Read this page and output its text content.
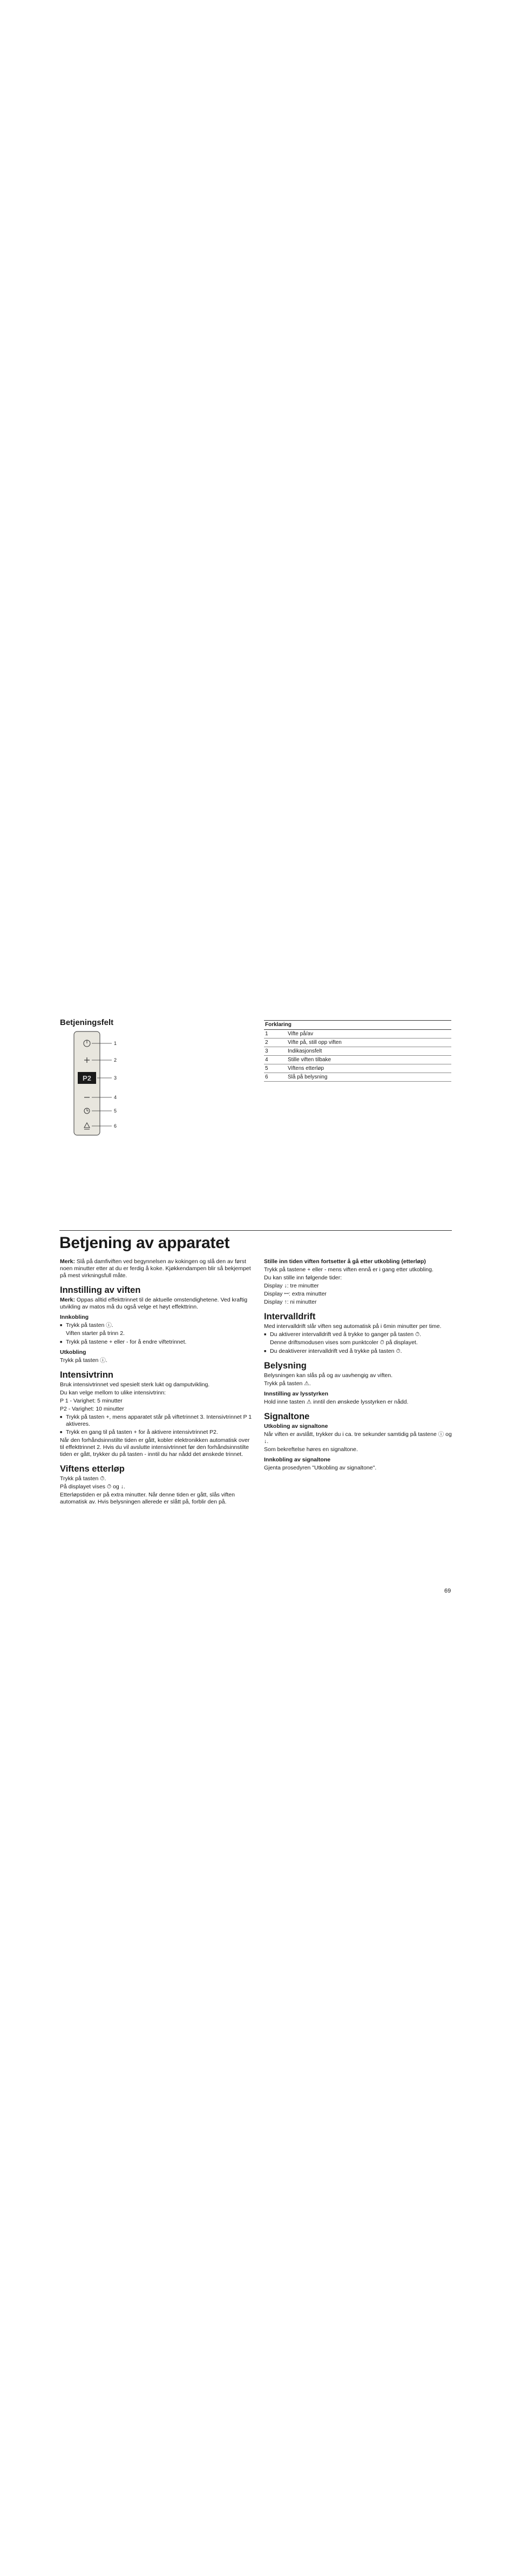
Betjeningsfelt
P2
1
2
3
4
5
6
Forklaring	
1	Vifte på/av
2	Vifte på, still opp viften
3	Indikasjonsfelt
4	Stille viften tilbake
5	Viftens etterløp
6	Slå på belysning
Betjening av apparatet

Merk: Slå på damfiviften ved begynnelsen av kokingen og slå den av først noen minutter etter at du er ferdig å koke. Kjøkkendampen blir så bekjempet på mest virkningsfull måte.

Innstilling av viften

Merk: Oppas alltid effekttrinnet til de aktuelle omstendighetene. Ved kraftig utvikling av matos må du også velge et høyt effekttrinn.

Innkobling
■ Trykk på tasten ⓘ.
Viften starter på trinn 2.
■ Trykk på tastene + eller - for å endre viftetrinnet.
Utkobling

Trykk på tasten ⓘ.

Intensivtrinn

Bruk intensivtrinnet ved spesielt sterk lukt og damputvikling.

Du kan velge mellom to ulike intensivtrinn:

P 1 - Varighet: 5 minutter

P2 - Varighet: 10 minutter

■ Trykk på tasten +, mens apparatet står på viftetrinnet 3. Intensivtrinnet P 1 aktiveres.
■ Trykk en gang til på tasten + for å aktivere intensivtrinnet P2.

Når den forhåndsinnstilte tiden er gått, kobler elektronikken automatisk over til effekttrinnet 2. Hvis du vil avslutte intensivtrinnet før den forhåndsinnstilte tiden er gått, trykker du på tasten - inntil du har nådd det ønskede trinnet.

Viftens etterløp

Trykk på tasten ⏱.

På displayet vises ⏱ og ↓.

Etterløpstiden er på extra minutter. Når denne tiden er gått, slås viften automatisk av. Hvis belysningen allerede er slått på, forblir den på.

Stille inn tiden viften fortsetter å gå etter utkobling (etterløp)

Trykk på tastene + eller - mens viften ennå er i gang etter utkobling.

Du kan stille inn følgende tider:

Display ↓: tre minutter

Display ꟷ: extra minutter

Display ↑: ni minutter

Intervalldrift

Med intervalldrift slår viften seg automatisk på i 6min minutter per time.

■ Du aktiverer intervalldrift ved å trykke to ganger på tasten ⏱.
Denne driftsmodusen vises som punktcoler ⏱ på displayet.
■ Du deaktiverer intervalldrift ved å trykke på tasten ⏱.
Belysning

Belysningen kan slås på og av uavhengig av viften.

Trykk på tasten ⚠.

Innstilling av lysstyrken

Hold inne tasten ⚠ inntil den ønskede lysstyrken er nådd.

Signaltone
Utkobling av signaltone

Når viften er avslått, trykker du i ca. tre sekunder samtidig på tastene ⓘ og ↓.

Som bekreftelse høres en signaltone.

Innkobling av signaltone

Gjenta prosedyren "Utkobling av signaltone".

69
